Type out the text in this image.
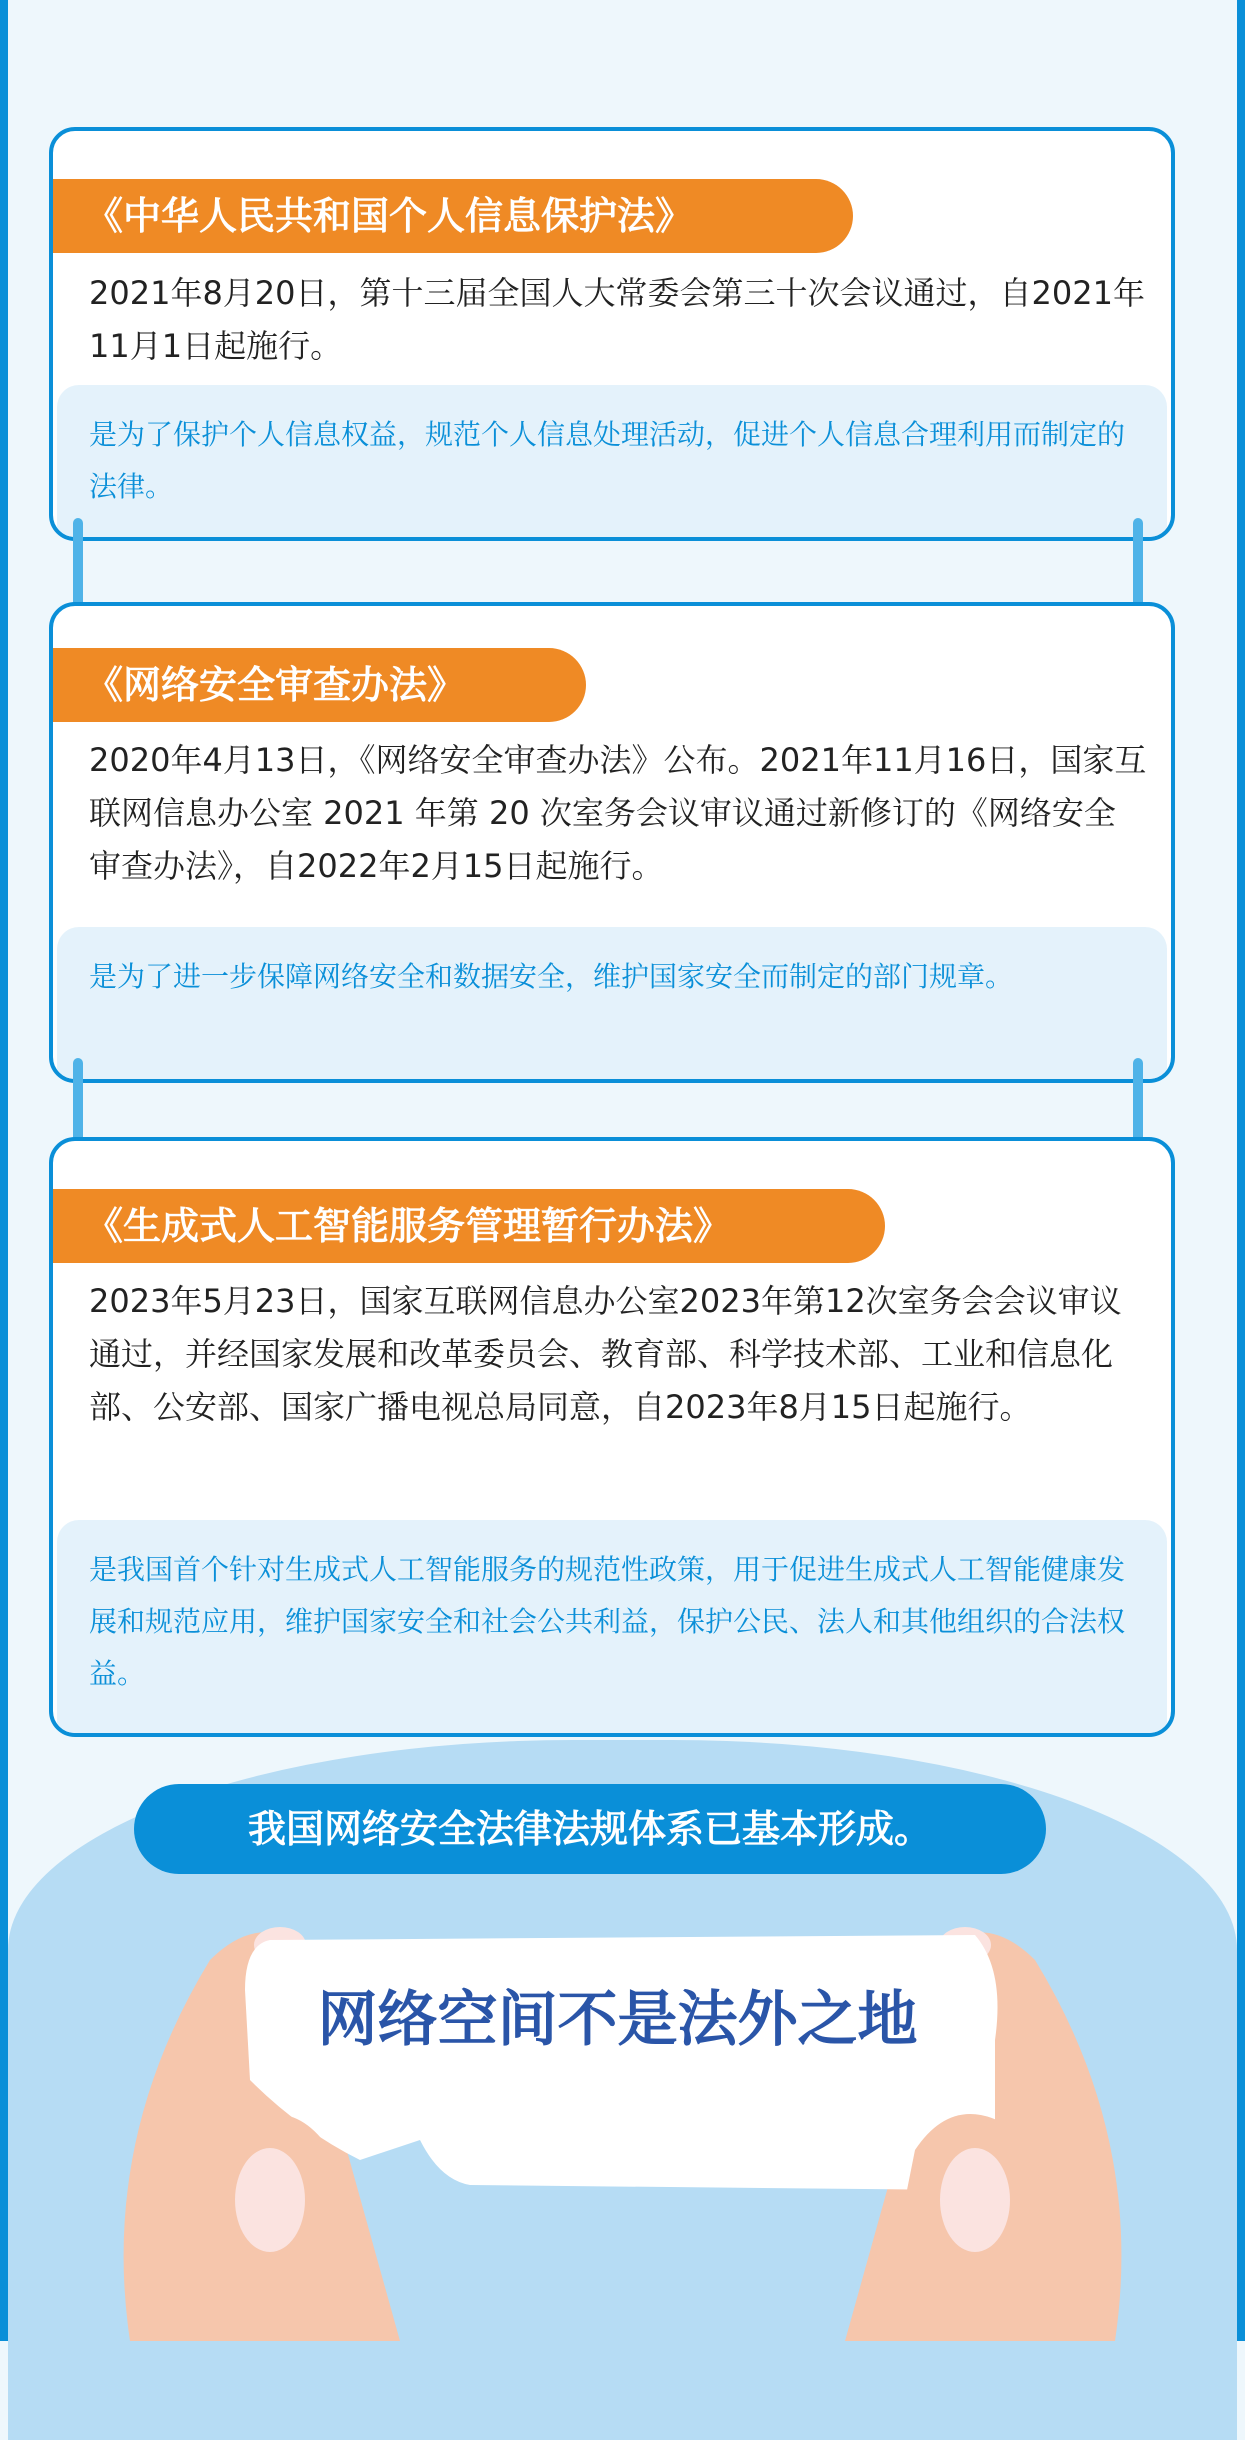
《中华人民共和国个人信息保护法》
2021年8月20日，第十三届全国人大常委会第三十次会议通过，自2021年11月1日起施行。
是为了保护个人信息权益，规范个人信息处理活动，促进个人信息合理利用而制定的法律。
《网络安全审查办法》
2020年4月13日，《网络安全审查办法》公布。2021年11月16日，国家互联网信息办公室 2021 年第 20 次室务会议审议通过新修订的《网络安全审查办法》，自2022年2月15日起施行。
是为了进一步保障网络安全和数据安全，维护国家安全而制定的部门规章。
《生成式人工智能服务管理暂行办法》
2023年5月23日，国家互联网信息办公室2023年第12次室务会会议审议通过，并经国家发展和改革委员会、教育部、科学技术部、工业和信息化部、公安部、国家广播电视总局同意，自2023年8月15日起施行。
是我国首个针对生成式人工智能服务的规范性政策，用于促进生成式人工智能健康发展和规范应用，维护国家安全和社会公共利益，保护公民、法人和其他组织的合法权益。
我国网络安全法律法规体系已基本形成。
网络空间不是法外之地
